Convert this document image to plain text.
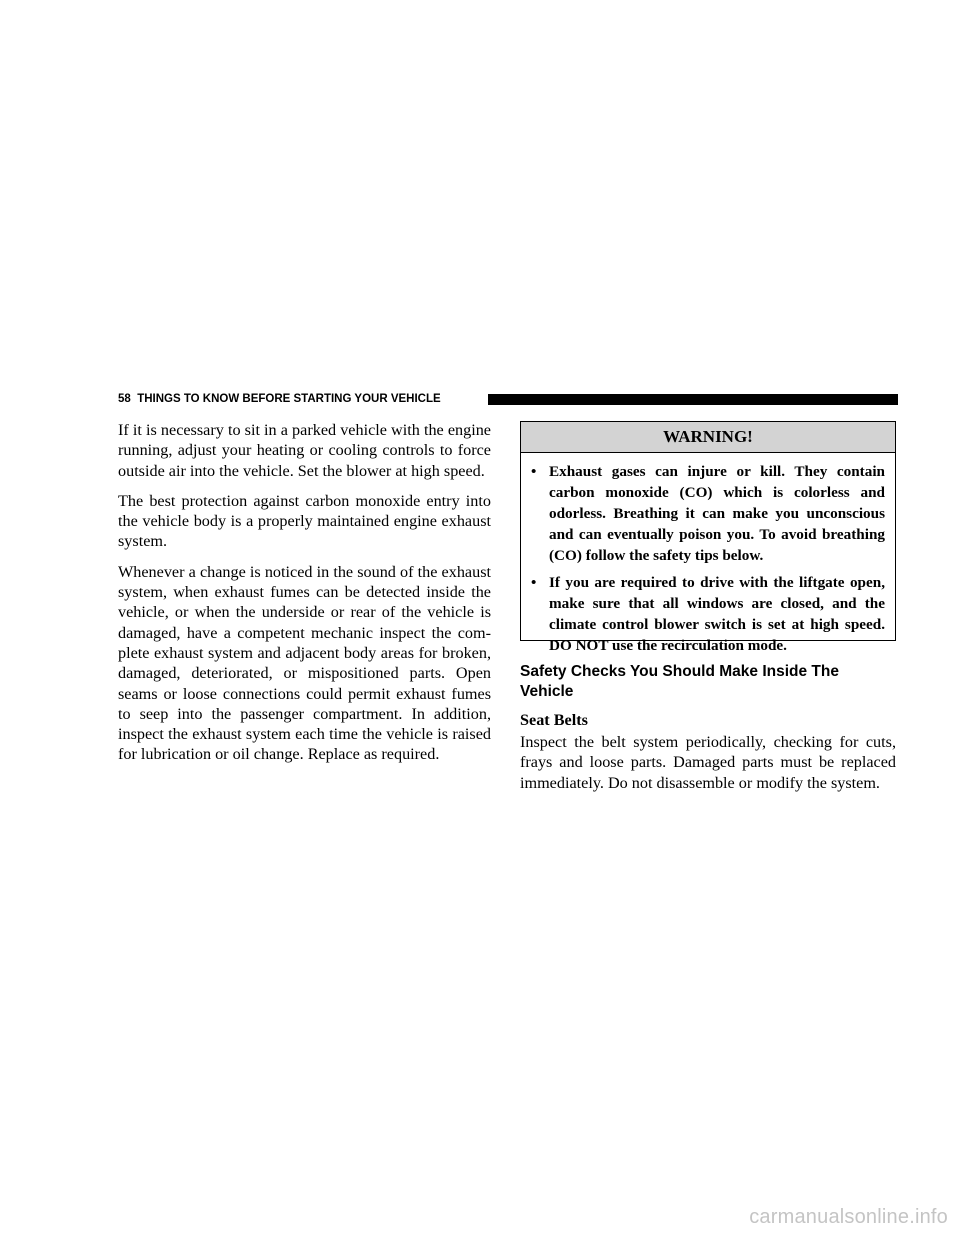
58 THINGS TO KNOW BEFORE STARTING YOUR VEHICLE

If it is necessary to sit in a parked vehicle with the engine running, adjust your heating or cooling controls to force outside air into the vehicle. Set the blower at high speed.

The best protection against carbon monoxide entry into the vehicle body is a properly maintained engine exhaust system.

Whenever a change is noticed in the sound of the exhaust system, when exhaust fumes can be detected inside the vehicle, or when the underside or rear of the vehicle is damaged, have a competent mechanic inspect the complete exhaust system and adjacent body areas for broken, damaged, deteriorated, or mispositioned parts. Open seams or loose connections could permit exhaust fumes to seep into the passenger compartment. In addition, inspect the exhaust system each time the vehicle is raised for lubrication or oil change. Replace as required.

WARNING!
• Exhaust gases can injure or kill. They contain carbon monoxide (CO) which is colorless and odorless. Breathing it can make you unconscious and can eventually poison you. To avoid breathing (CO) follow the safety tips below.
• If you are required to drive with the liftgate open, make sure that all windows are closed, and the climate control blower switch is set at high speed. DO NOT use the recirculation mode.
Safety Checks You Should Make Inside The Vehicle
Seat Belts

Inspect the belt system periodically, checking for cuts, frays and loose parts. Damaged parts must be replaced immediately. Do not disassemble or modify the system.

carmanualsonline.info
